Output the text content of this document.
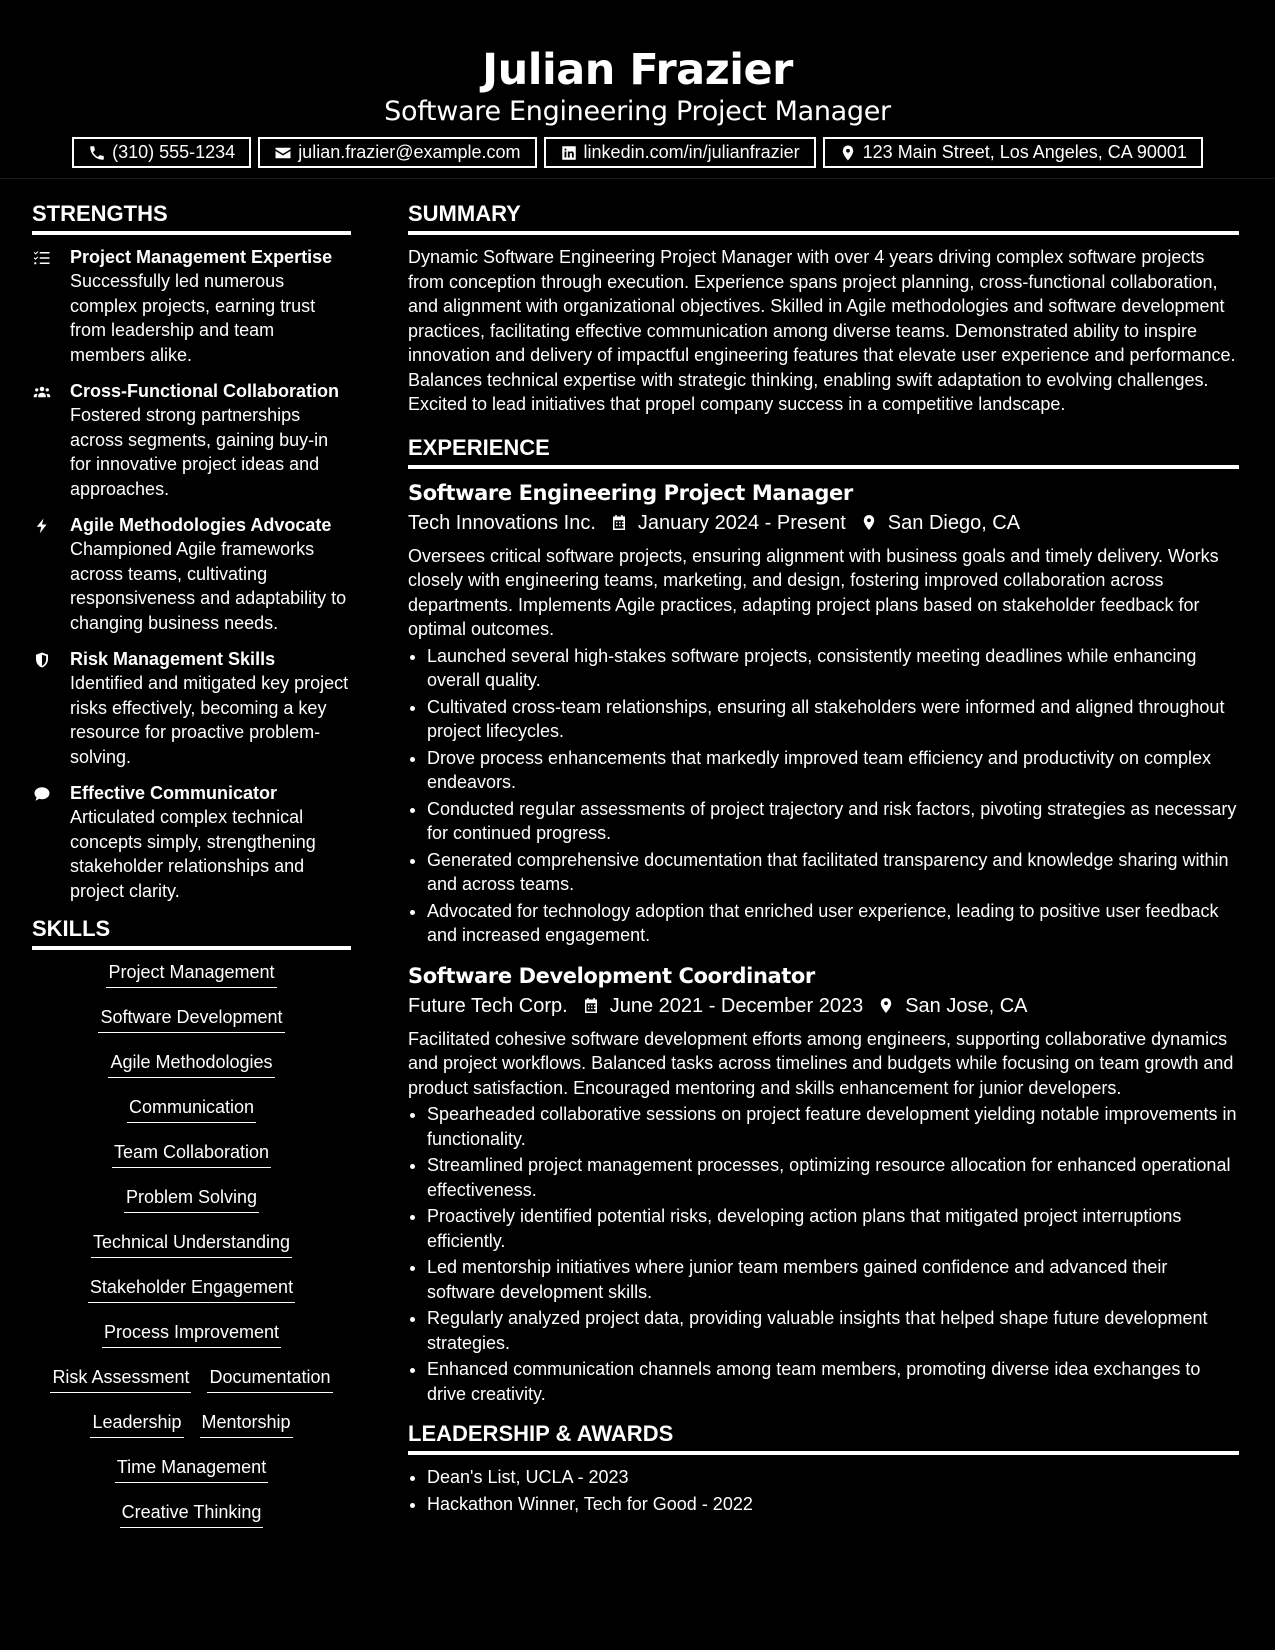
Julian Frazier
Software Engineering Project Manager
(310) 555-1234	julian.frazier@example.com	linkedin.com/in/julianfrazier	123 Main Street, Los Angeles, CA 90001
STRENGTHS
Project Management Expertise
Successfully led numerous complex projects, earning trust from leadership and team members alike.
Cross-Functional Collaboration
Fostered strong partnerships across segments, gaining buy-in for innovative project ideas and approaches.
Agile Methodologies Advocate
Championed Agile frameworks across teams, cultivating responsiveness and adaptability to changing business needs.
Risk Management Skills
Identified and mitigated key project risks effectively, becoming a key resource for proactive problem-solving.
Effective Communicator
Articulated complex technical concepts simply, strengthening stakeholder relationships and project clarity.
SKILLS
Project Management
Software Development
Agile Methodologies
Communication
Team Collaboration
Problem Solving
Technical Understanding
Stakeholder Engagement
Process Improvement
Risk Assessment Documentation
Leadership Mentorship
Time Management
Creative Thinking
SUMMARY
Dynamic Software Engineering Project Manager with over 4 years driving complex software projects from conception through execution. Experience spans project planning, cross-functional collaboration, and alignment with organizational objectives. Skilled in Agile methodologies and software development practices, facilitating effective communication among diverse teams. Demonstrated ability to inspire innovation and delivery of impactful engineering features that elevate user experience and performance. Balances technical expertise with strategic thinking, enabling swift adaptation to evolving challenges. Excited to lead initiatives that propel company success in a competitive landscape.
EXPERIENCE
Software Engineering Project Manager
Tech Innovations Inc. January 2024 - Present San Diego, CA
Oversees critical software projects, ensuring alignment with business goals and timely delivery. Works closely with engineering teams, marketing, and design, fostering improved collaboration across departments. Implements Agile practices, adapting project plans based on stakeholder feedback for optimal outcomes.
• Launched several high-stakes software projects, consistently meeting deadlines while enhancing overall quality.
• Cultivated cross-team relationships, ensuring all stakeholders were informed and aligned throughout project lifecycles.
• Drove process enhancements that markedly improved team efficiency and productivity on complex endeavors.
• Conducted regular assessments of project trajectory and risk factors, pivoting strategies as necessary for continued progress.
• Generated comprehensive documentation that facilitated transparency and knowledge sharing within and across teams.
• Advocated for technology adoption that enriched user experience, leading to positive user feedback and increased engagement.
Software Development Coordinator
Future Tech Corp. June 2021 - December 2023 San Jose, CA
Facilitated cohesive software development efforts among engineers, supporting collaborative dynamics and project workflows. Balanced tasks across timelines and budgets while focusing on team growth and product satisfaction. Encouraged mentoring and skills enhancement for junior developers.
• Spearheaded collaborative sessions on project feature development yielding notable improvements in functionality.
• Streamlined project management processes, optimizing resource allocation for enhanced operational effectiveness.
• Proactively identified potential risks, developing action plans that mitigated project interruptions efficiently.
• Led mentorship initiatives where junior team members gained confidence and advanced their software development skills.
• Regularly analyzed project data, providing valuable insights that helped shape future development strategies.
• Enhanced communication channels among team members, promoting diverse idea exchanges to drive creativity.
LEADERSHIP & AWARDS
• Dean's List, UCLA - 2023
• Hackathon Winner, Tech for Good - 2022
